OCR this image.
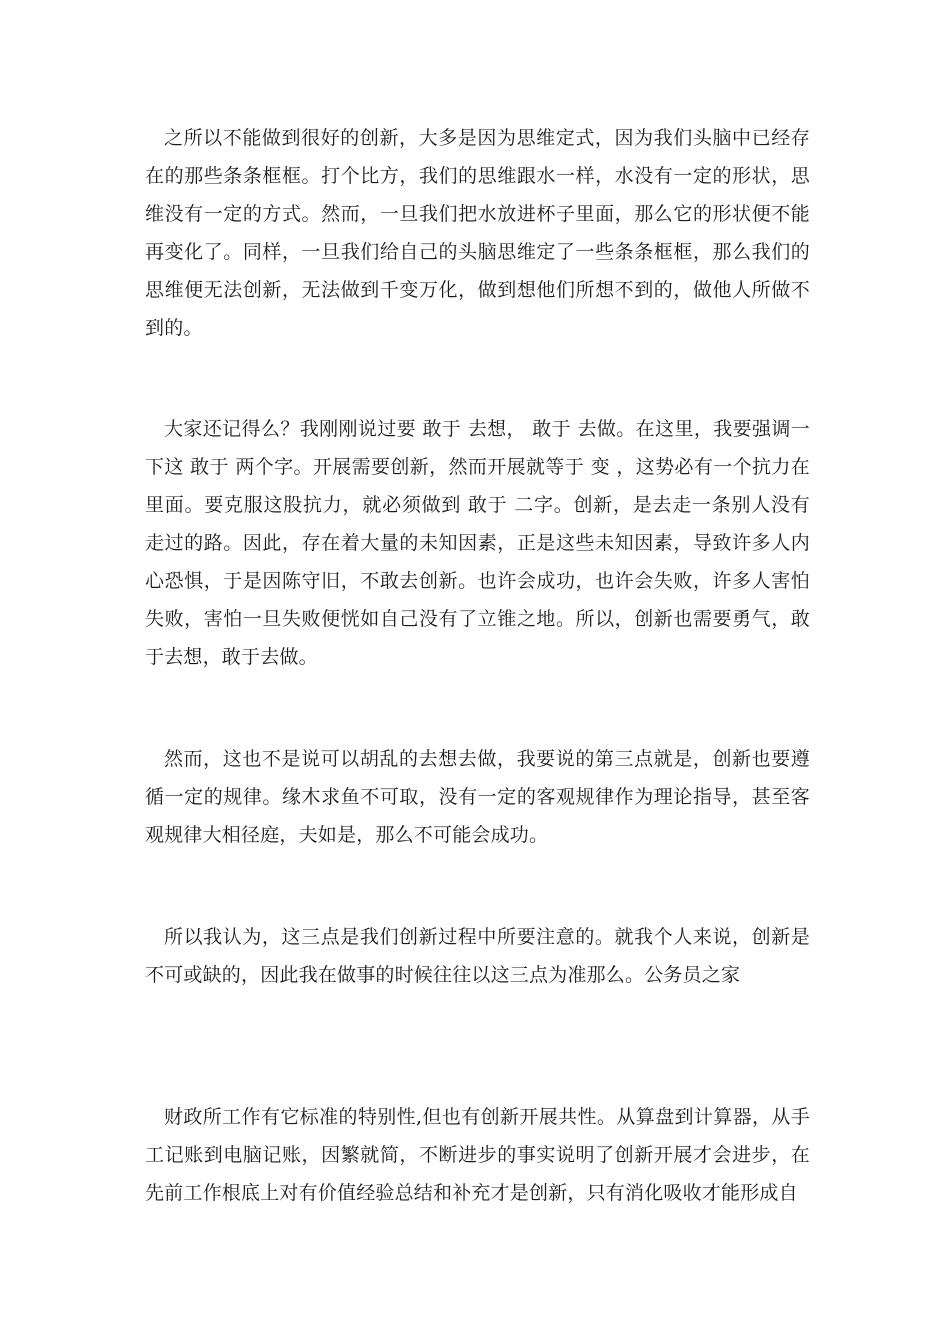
之所以不能做到很好的创新，大多是因为思维定式，因为我们头脑中已经存在的那些条条框框。打个比方，我们的思维跟水一样，水没有一定的形状，思维没有一定的方式。然而，一旦我们把水放进杯子里面，那么它的形状便不能再变化了。同样，一旦我们给自己的头脑思维定了一些条条框框，那么我们的思维便无法创新，无法做到千变万化，做到想他们所想不到的，做他人所做不到的。

大家还记得么？我刚刚说过要 敢于 去想， 敢于 去做。在这里，我要强调一下这 敢于 两个字。开展需要创新，然而开展就等于 变 ，这势必有一个抗力在里面。要克服这股抗力，就必须做到 敢于 二字。创新，是去走一条别人没有走过的路。因此，存在着大量的未知因素，正是这些未知因素，导致许多人内心恐惧，于是因陈守旧，不敢去创新。也许会成功，也许会失败，许多人害怕失败，害怕一旦失败便恍如自己没有了立锥之地。所以，创新也需要勇气，敢于去想，敢于去做。

然而，这也不是说可以胡乱的去想去做，我要说的第三点就是，创新也要遵循一定的规律。缘木求鱼不可取，没有一定的客观规律作为理论指导，甚至客观规律大相径庭，夫如是，那么不可能会成功。

所以我认为，这三点是我们创新过程中所要注意的。就我个人来说，创新是不可或缺的，因此我在做事的时候往往以这三点为准那么。公务员之家

财政所工作有它标准的特别性,但也有创新开展共性。从算盘到计算器，从手工记账到电脑记账，因繁就简，不断进步的事实说明了创新开展才会进步，在先前工作根底上对有价值经验总结和补充才是创新，只有消化吸收才能形成自
